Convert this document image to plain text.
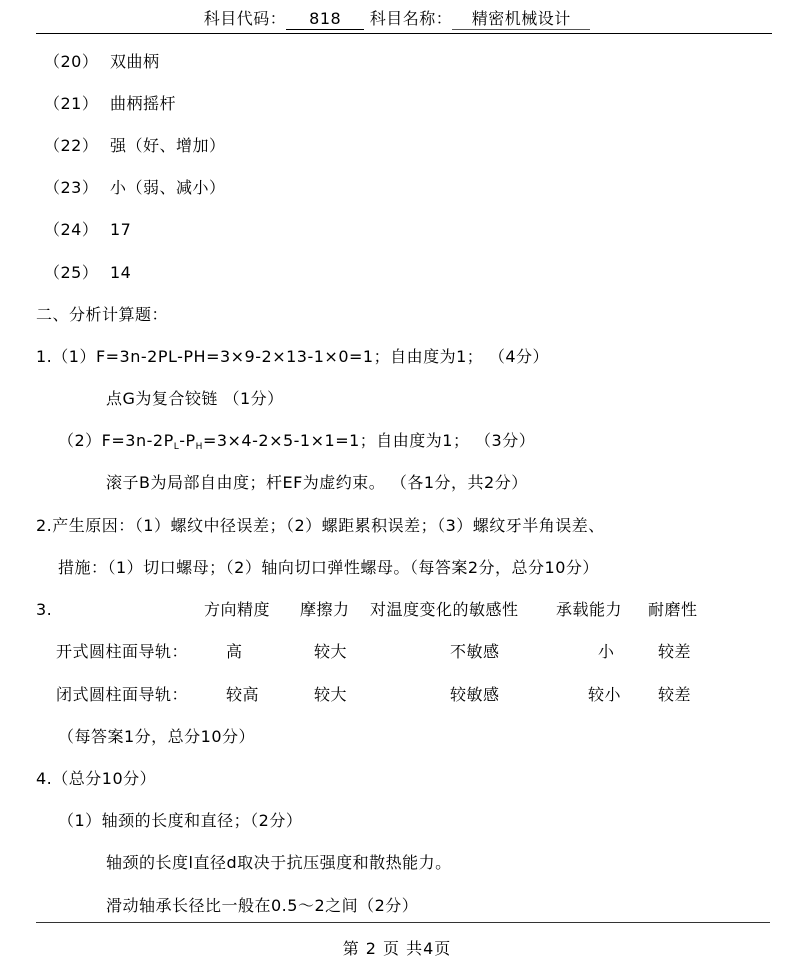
科目代码： 818 科目名称： 精密机械设计
（20） 双曲柄
（21） 曲柄摇杆
（22） 强（好、增加）
（23） 小（弱、减小）
（24） 17
（25） 14
二、分析计算题：
1.（1）F=3n-2PL-PH=3×9-2×13-1×0=1；自由度为1； （4分）
点G为复合铰链 （1分）
$(2)F=3n-2P_L-P_H=3\times 4-2\times 5-1\times 1=1$；自由度为1； （3分）
滚子B为局部自由度；杆EF为虚约束。 （各1分，共2分）
2.产生原因：（1）螺纹中径误差；（2）螺距累积误差；（3）螺纹牙半角误差、
措施：（1）切口螺母；（2）轴向切口弹性螺母。（每答案2分，总分10分）
3.	方向精度 摩擦力 对温度变化的敏感性 承载能力 耐磨性
开式圆柱面导轨： 高	较大	不敏感	小	较差
闭式圆柱面导轨： 较高	较大	较敏感	较小 较差
（每答案1分，总分10分）
4.（总分10分）
（1）轴颈的长度和直径；（2分）
轴颈的长度l直径d取决于抗压强度和散热能力。
滑动轴承长径比一般在0.5～2之间（2分）
第 2 页 共4页
